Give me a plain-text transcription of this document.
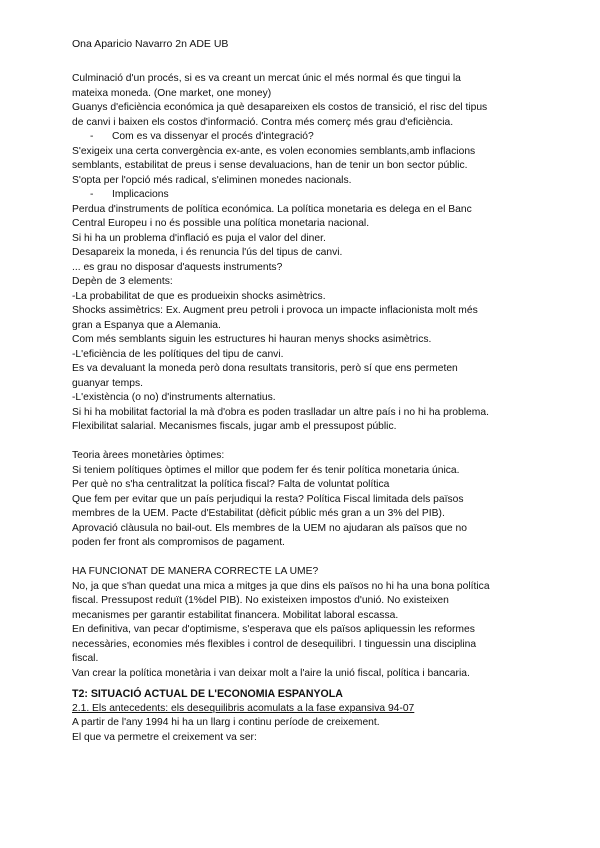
Ona Aparicio Navarro 2n ADE UB

Culminació d'un procés, si es va creant un mercat únic el més normal és que tingui la

mateixa moneda. (One market, one money)

Guanys d'eficiència económica ja què desapareixen els costos de transició, el risc del tipus

de canvi i baixen els costos d'informació. Contra més comerç més grau d'eficiència.

- Com es va dissenyar el procés d'integració?

S'exigeix una certa convergència ex-ante, es volen economies semblants,amb inflacions

semblants, estabilitat de preus i sense devaluacions, han de tenir un bon sector públic.

S'opta per l'opció més radical, s'eliminen monedes nacionals.

- Implicacions

Perdua d'instruments de política económica. La política monetaria es delega en el Banc

Central Europeu i no és possible una política monetaria nacional.

Si hi ha un problema d'inflació es puja el valor del diner.

Desapareix la moneda, i és renuncia l'ús del tipus de canvi.

... es grau no disposar d'aquests instruments?

Depèn de 3 elements:

-La probabilitat de que es produeixin shocks asimètrics.

Shocks assimètrics: Ex. Augment preu petroli i provoca un impacte inflacionista molt més

gran a Espanya que a Alemania.

Com més semblants siguin les estructures hi hauran menys shocks asimètrics.

-L'eficiència de les polítiques del tipu de canvi.

Es va devaluant la moneda però dona resultats transitoris, però sí que ens permeten

guanyar temps.

-L'existència (o no) d'instruments alternatius.

Si hi ha mobilitat factorial la mà d'obra es poden traslladar un altre país i no hi ha problema.

Flexibilitat salarial. Mecanismes fiscals, jugar amb el pressupost públic.

Teoria àrees monetàries òptimes:

Si teniem polítiques òptimes el millor que podem fer és tenir política monetaria única.

Per què no s'ha centralitzat la política fiscal? Falta de voluntat política

Que fem per evitar que un país perjudiqui la resta? Política Fiscal limitada dels països

membres de la UEM. Pacte d'Estabilitat (dèficit públic més gran a un 3% del PIB).

Aprovació clàusula no bail-out. Els membres de la UEM no ajudaran als països que no

poden fer front als compromisos de pagament.

HA FUNCIONAT DE MANERA CORRECTE LA UME?

No, ja que s'han quedat una mica a mitges ja que dins els països no hi ha una bona política

fiscal. Pressupost reduït (1%del PIB). No existeixen impostos d'unió. No existeixen

mecanismes per garantir estabilitat financera. Mobilitat laboral escassa.

En definitiva, van pecar d'optimisme, s'esperava que els països apliquessin les reformes

necessàries, economies més flexibles i control de desequilibri. I tinguessin una disciplina

fiscal.

Van crear la política monetària i van deixar molt a l'aire la unió fiscal, política i bancaria.

T2: SITUACIÓ ACTUAL DE L'ECONOMIA ESPANYOLA

2.1. Els antecedents: els desequilibris acomulats a la fase expansiva 94-07

A partir de l'any 1994 hi ha un llarg i continu període de creixement.

El que va permetre el creixement va ser:
